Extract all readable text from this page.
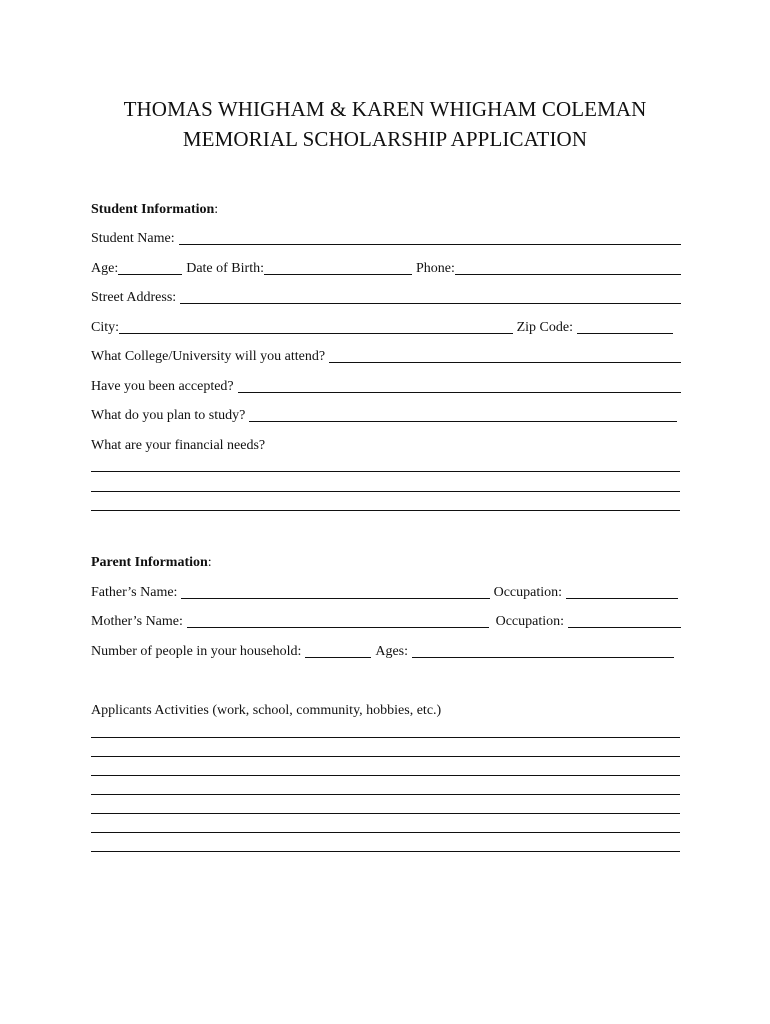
THOMAS WHIGHAM & KAREN WHIGHAM COLEMAN
MEMORIAL SCHOLARSHIP APPLICATION
Student Information:
Student Name:
Age:	Date of Birth:	Phone:
Street Address:
City:	Zip Code:
What College/University will you attend?
Have you been accepted?
What do you plan to study?
What are your financial needs?
Parent Information:
Father’s Name:	Occupation:
Mother’s Name:	Occupation:
Number of people in your household:	Ages:
Applicants Activities (work, school, community, hobbies, etc.)
